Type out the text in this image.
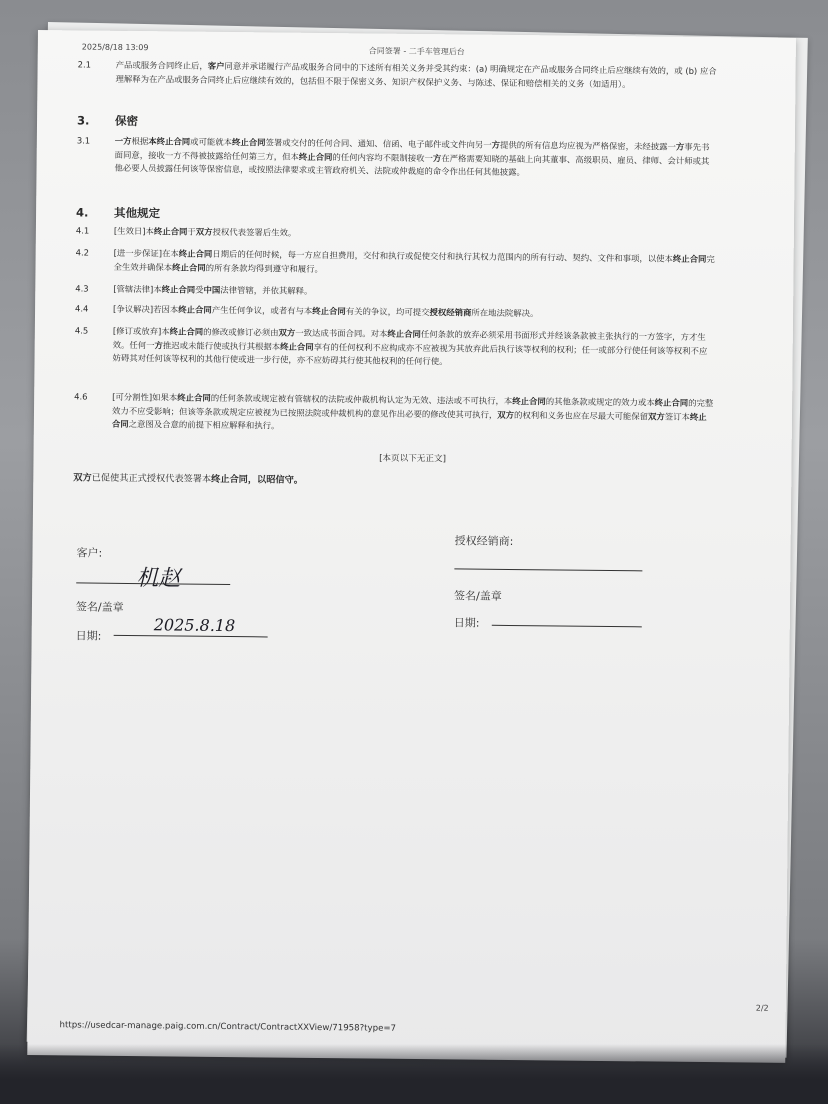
2025/8/18 13:09	合同签署 - 二手车管理后台
2.1	产品或服务合同终止后，客户同意并承诺履行产品或服务合同中的下述所有相关义务并受其约束：(a) 明确规定在产品或服务合同终止后应继续有效的，或 (b) 应合理解释为在产品或服务合同终止后应继续有效的，包括但不限于保密义务、知识产权保护义务、与陈述、保证和赔偿相关的义务（如适用）。
3. 保密
3.1	一方根据本终止合同或可能就本终止合同签署或交付的任何合同、通知、信函、电子邮件或文件向另一方提供的所有信息均应视为严格保密，未经披露一方事先书面同意，接收一方不得被披露给任何第三方，但本终止合同的任何内容均不限制接收一方在严格需要知晓的基础上向其董事、高级职员、雇员、律师、会计师或其他必要人员披露任何该等保密信息，或按照法律要求或主管政府机关、法院或仲裁庭的命令作出任何其他披露。
4. 其他规定
4.1	[生效日]本终止合同于双方授权代表签署后生效。
4.2	[进一步保证]在本终止合同日期后的任何时候，每一方应自担费用，交付和执行或促使交付和执行其权力范围内的所有行动、契约、文件和事项，以使本终止合同完全生效并确保本终止合同的所有条款均得到遵守和履行。
4.3	[管辖法律]本终止合同受中国法律管辖，并依其解释。
4.4	[争议解决]若因本终止合同产生任何争议，或者有与本终止合同有关的争议，均可提交授权经销商所在地法院解决。
4.5	[修订或放弃]本终止合同的修改或修订必须由双方一致达成书面合同。对本终止合同任何条款的放弃必须采用书面形式并经该条款被主张执行的一方签字，方才生效。任何一方推迟或未能行使或执行其根据本终止合同享有的任何权利不应构成亦不应被视为其放弃此后执行该等权利的权利；任一或部分行使任何该等权利不应妨碍其对任何该等权利的其他行使或进一步行使，亦不应妨碍其行使其他权利的任何行使。
4.6	[可分割性]如果本终止合同的任何条款或规定被有管辖权的法院或仲裁机构认定为无效、违法或不可执行，本终止合同的其他条款或规定的效力或本终止合同的完整效力不应受影响；但该等条款或规定应被视为已按照法院或仲裁机构的意见作出必要的修改使其可执行，双方的权利和义务也应在尽最大可能保留双方签订本终止合同之意图及合意的前提下相应解释和执行。
[本页以下无正文]
双方已促使其正式授权代表签署本终止合同，以昭信守。
客户:
机赵
签名/盖章
日期:
2025.8.18
授权经销商:
签名/盖章
日期:
2/2
https://usedcar-manage.paig.com.cn/Contract/ContractXXView/71958?type=7
